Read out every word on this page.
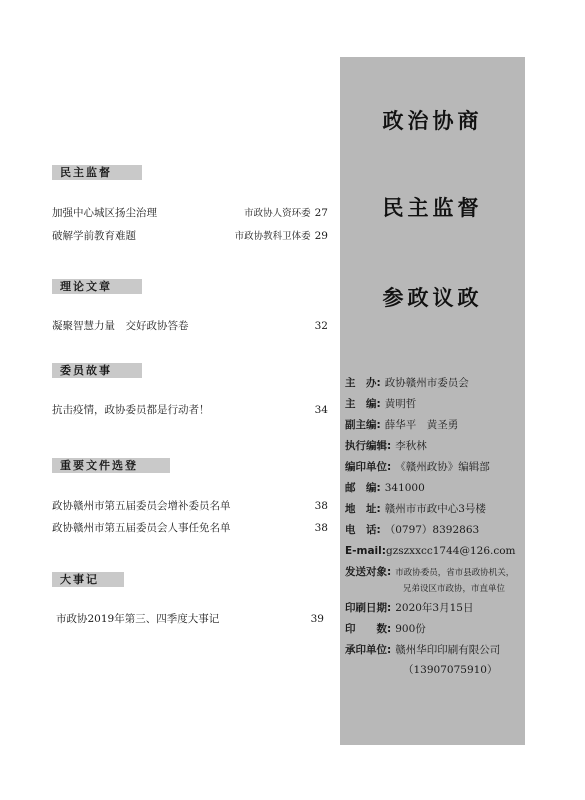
民主监督
加强中心城区扬尘治理	市政协人资环委 27
破解学前教育难题	市政协教科卫体委 29
理论文章
凝聚智慧力量　交好政协答卷	32
委员故事
抗击疫情，政协委员都是行动者！	34
重要文件选登
政协赣州市第五届委员会增补委员名单	38
政协赣州市第五届委员会人事任免名单	38
大事记
市政协2019年第三、四季度大事记	39
政治协商
民主监督
参政议政
主　办: 政协赣州市委员会
主　编: 黄明哲
副主编: 薛华平　黄圣勇
执行编辑: 李秋林
编印单位: 《赣州政协》编辑部
邮　编: 341000
地　址: 赣州市市政中心3号楼
电　话: （0797）8392863
E-mail:gzszxxcc1744@126.com
发送对象: 市政协委员，省市县政协机关，
兄弟设区市政协，市直单位
印刷日期: 2020年3月15日
印　　数: 900份
承印单位: 赣州华印印刷有限公司
（13907075910）
